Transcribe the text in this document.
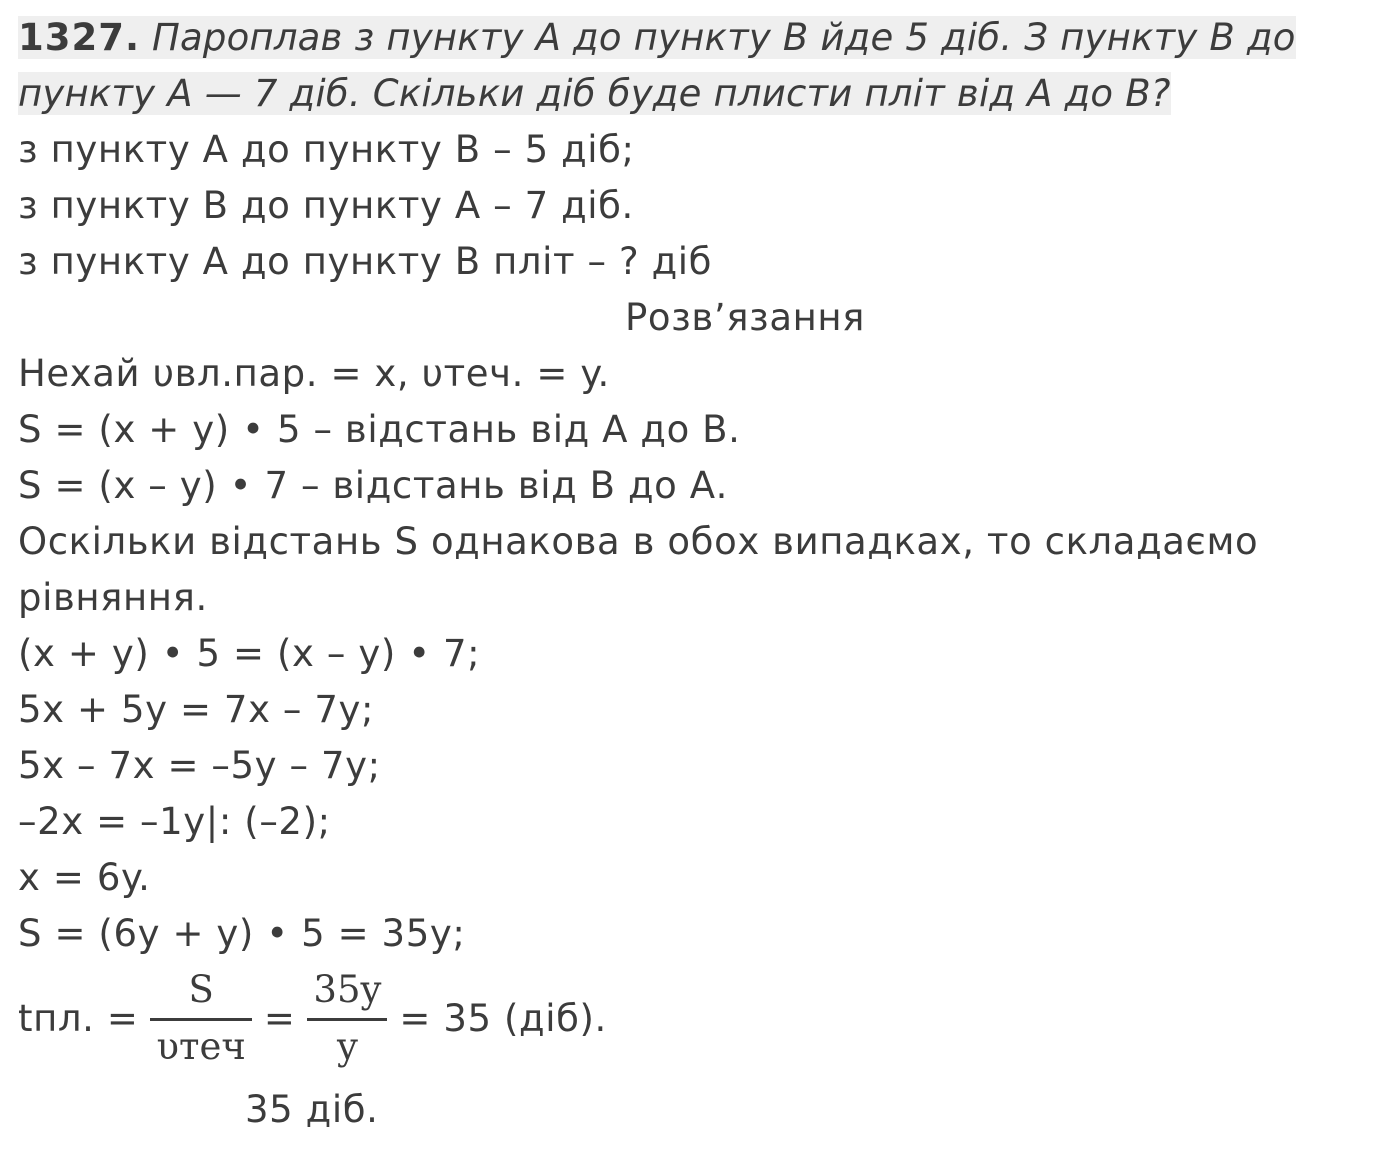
1327. Пароплав з пункту А до пункту В йде 5 діб. З пункту В до
пункту А — 7 діб. Скільки діб буде плисти пліт від А до В?
з пункту А до пункту В – 5 діб;
з пункту В до пункту А – 7 діб.
з пункту А до пункту В пліт – ? діб
Розв’язання
Нехай υвл.пар. = x, υтеч. = y.
S = (x + y) • 5 – відстань від А до В.
S = (x – y) • 7 – відстань від В до А.
Оскільки відстань S однакова в обох випадках, то складаємо
рівняння.
(x + y) • 5 = (x – y) • 7;
5x + 5y = 7x – 7y;
5x – 7x = –5y – 7y;
–2x = –1y|: (–2);
x = 6y.
S = (6y + y) • 5 = 35y;
tпл. = $\frac{S}{\text{υтеч}} = \frac{35y}{y} = 35$ (діб).
35 діб.
